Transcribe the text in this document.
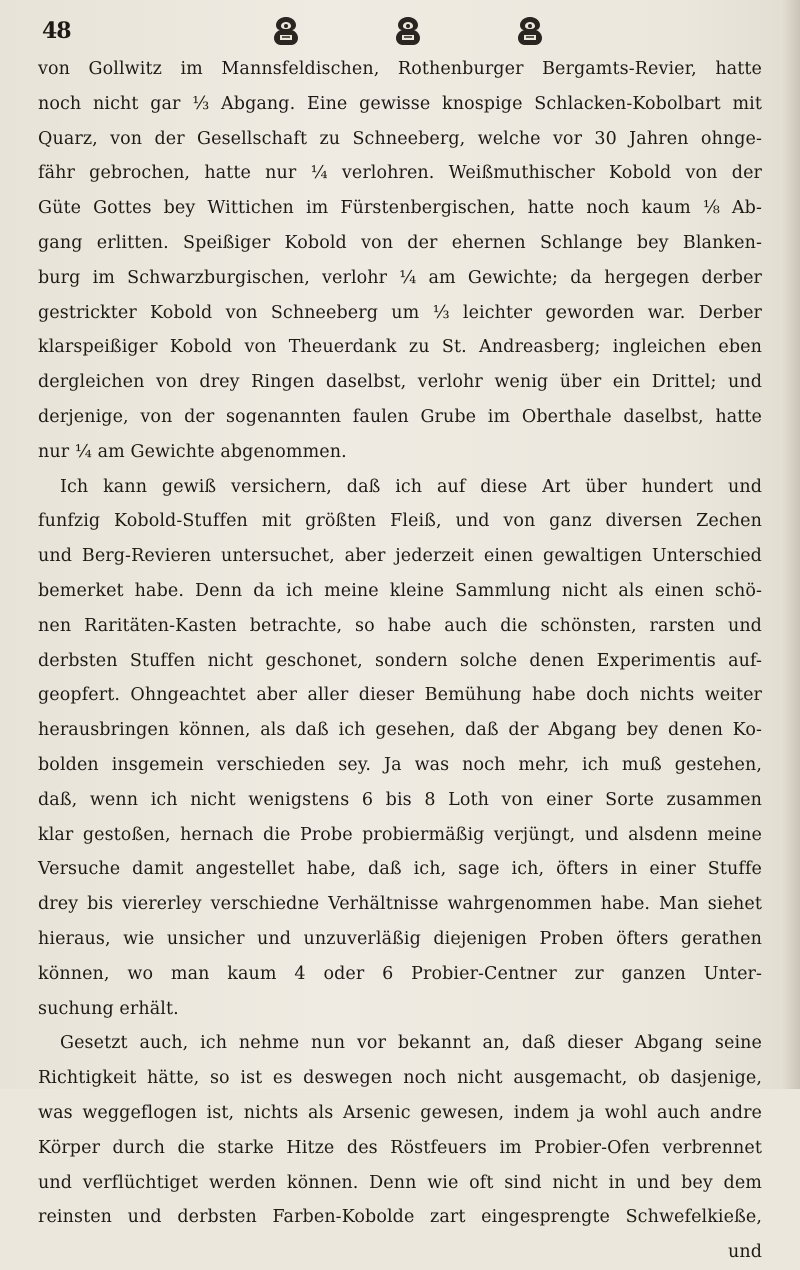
48
von Gollwitz im Mannsfeldischen, Rothenburger Bergamts-Revier, hatte
noch nicht gar ⅓ Abgang. Eine gewisse knospige Schlacken-Kobolbart mit
Quarz, von der Gesellschaft zu Schneeberg, welche vor 30 Jahren ohnge-
fähr gebrochen, hatte nur ¼ verlohren. Weißmuthischer Kobold von der
Güte Gottes bey Wittichen im Fürstenbergischen, hatte noch kaum ⅛ Ab-
gang erlitten. Speißiger Kobold von der ehernen Schlange bey Blanken-
burg im Schwarzburgischen, verlohr ¼ am Gewichte; da hergegen derber
gestrickter Kobold von Schneeberg um ⅓ leichter geworden war. Derber
klarspeißiger Kobold von Theuerdank zu St. Andreasberg; ingleichen eben
dergleichen von drey Ringen daselbst, verlohr wenig über ein Drittel; und
derjenige, von der sogenannten faulen Grube im Oberthale daselbst, hatte
nur ¼ am Gewichte abgenommen.
Ich kann gewiß versichern, daß ich auf diese Art über hundert und
funfzig Kobold-Stuffen mit größten Fleiß, und von ganz diversen Zechen
und Berg-Revieren untersuchet, aber jederzeit einen gewaltigen Unterschied
bemerket habe. Denn da ich meine kleine Sammlung nicht als einen schö-
nen Raritäten-Kasten betrachte, so habe auch die schönsten, rarsten und
derbsten Stuffen nicht geschonet, sondern solche denen Experimentis auf-
geopfert. Ohngeachtet aber aller dieser Bemühung habe doch nichts weiter
herausbringen können, als daß ich gesehen, daß der Abgang bey denen Ko-
bolden insgemein verschieden sey. Ja was noch mehr, ich muß gestehen,
daß, wenn ich nicht wenigstens 6 bis 8 Loth von einer Sorte zusammen
klar gestoßen, hernach die Probe probiermäßig verjüngt, und alsdenn meine
Versuche damit angestellet habe, daß ich, sage ich, öfters in einer Stuffe
drey bis viererley verschiedne Verhältnisse wahrgenommen habe. Man siehet
hieraus, wie unsicher und unzuverläßig diejenigen Proben öfters gerathen
können, wo man kaum 4 oder 6 Probier-Centner zur ganzen Unter-
suchung erhält.
Gesetzt auch, ich nehme nun vor bekannt an, daß dieser Abgang seine
Richtigkeit hätte, so ist es deswegen noch nicht ausgemacht, ob dasjenige,
was weggeflogen ist, nichts als Arsenic gewesen, indem ja wohl auch andre
Körper durch die starke Hitze des Röstfeuers im Probier-Ofen verbrennet
und verflüchtiget werden können. Denn wie oft sind nicht in und bey dem
reinsten und derbsten Farben-Kobolde zart eingesprengte Schwefelkieße,
und
